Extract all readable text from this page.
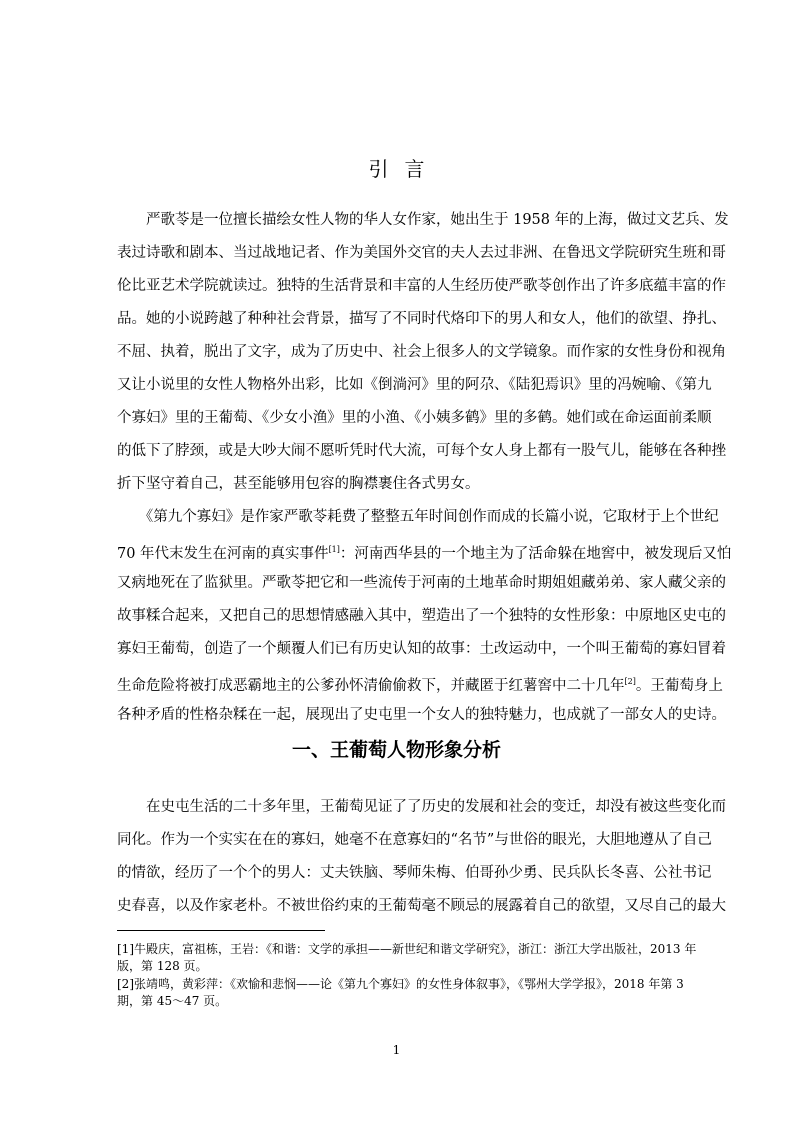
引言
　　严歌苓是一位擅长描绘女性人物的华人女作家，她出生于 1958 年的上海，做过文艺兵、发
表过诗歌和剧本、当过战地记者、作为美国外交官的夫人去过非洲、在鲁迅文学院研究生班和哥
伦比亚艺术学院就读过。独特的生活背景和丰富的人生经历使严歌苓创作出了许多底蕴丰富的作
品。她的小说跨越了种种社会背景，描写了不同时代烙印下的男人和女人，他们的欲望、挣扎、
不屈、执着，脱出了文字，成为了历史中、社会上很多人的文学镜象。而作家的女性身份和视角
又让小说里的女性人物格外出彩，比如《倒淌河》里的阿尕、《陆犯焉识》里的冯婉喻、《第九
个寡妇》里的王葡萄、《少女小渔》里的小渔、《小姨多鹤》里的多鹤。她们或在命运面前柔顺
的低下了脖颈，或是大吵大闹不愿听凭时代大流，可每个女人身上都有一股气儿，能够在各种挫
折下坚守着自己，甚至能够用包容的胸襟裹住各式男女。
　　《第九个寡妇》是作家严歌苓耗费了整整五年时间创作而成的长篇小说，它取材于上个世纪
70 年代末发生在河南的真实事件[1]：河南西华县的一个地主为了活命躲在地窖中，被发现后又怕
又病地死在了监狱里。严歌苓把它和一些流传于河南的土地革命时期姐姐藏弟弟、家人藏父亲的
故事糅合起来，又把自己的思想情感融入其中，塑造出了一个独特的女性形象：中原地区史屯的
寡妇王葡萄，创造了一个颠覆人们已有历史认知的故事：土改运动中，一个叫王葡萄的寡妇冒着
生命危险将被打成恶霸地主的公爹孙怀清偷偷救下，并藏匿于红薯窖中二十几年[2]。王葡萄身上
各种矛盾的性格杂糅在一起，展现出了史屯里一个女人的独特魅力，也成就了一部女人的史诗。
一、王葡萄人物形象分析
　　在史屯生活的二十多年里，王葡萄见证了了历史的发展和社会的变迁，却没有被这些变化而
同化。作为一个实实在在的寡妇，她毫不在意寡妇的“名节”与世俗的眼光，大胆地遵从了自己
的情欲，经历了一个个的男人：丈夫铁脑、琴师朱梅、伯哥孙少勇、民兵队长冬喜、公社书记
史春喜，以及作家老朴。不被世俗约束的王葡萄毫不顾忌的展露着自己的欲望，又尽自己的最大
[1]牛殿庆，富祖栋，王岩：《和谐：文学的承担——新世纪和谐文学研究》，浙江：浙江大学出版社，2013 年
版，第 128 页。
[2]张靖鸣，黄彩萍：《欢愉和悲悯——论《第九个寡妇》的女性身体叙事》，《鄂州大学学报》，2018 年第 3
期，第 45～47 页。
1
